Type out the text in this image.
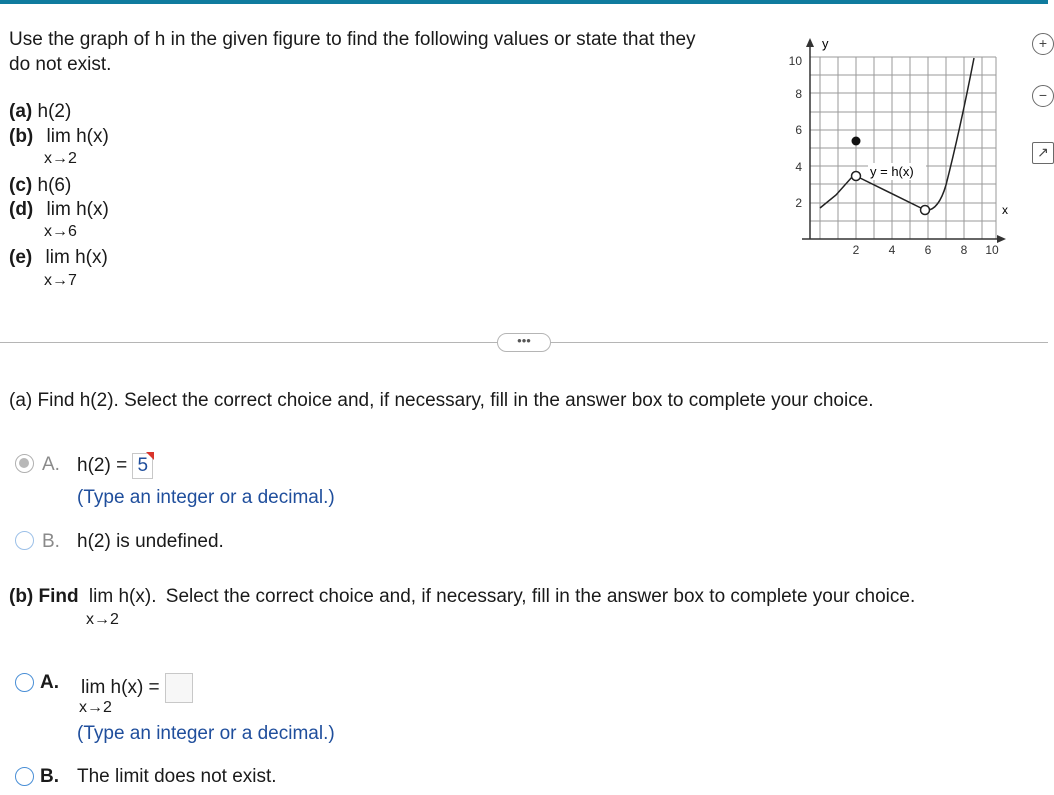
Use the graph of h in the given figure to find the following values or state that they
do not exist.
(a) h(2)
(b) lim h(x)
x→2
(c) h(6)
(d) lim h(x)
x→6
(e) lim h(x)
x→7
y
x
10
8
6
4
2
2 4 6 8 10
y = h(x)
+
−
↗
•••
(a) Find h(2). Select the correct choice and, if necessary, fill in the answer box to complete your choice.
A. h(2) = 5
(Type an integer or a decimal.)
B. h(2) is undefined.
(b) Find lim h(x). Select the correct choice and, if necessary, fill in the answer box to complete your choice.
x→2
A. lim h(x) =
x→2
(Type an integer or a decimal.)
B. The limit does not exist.
